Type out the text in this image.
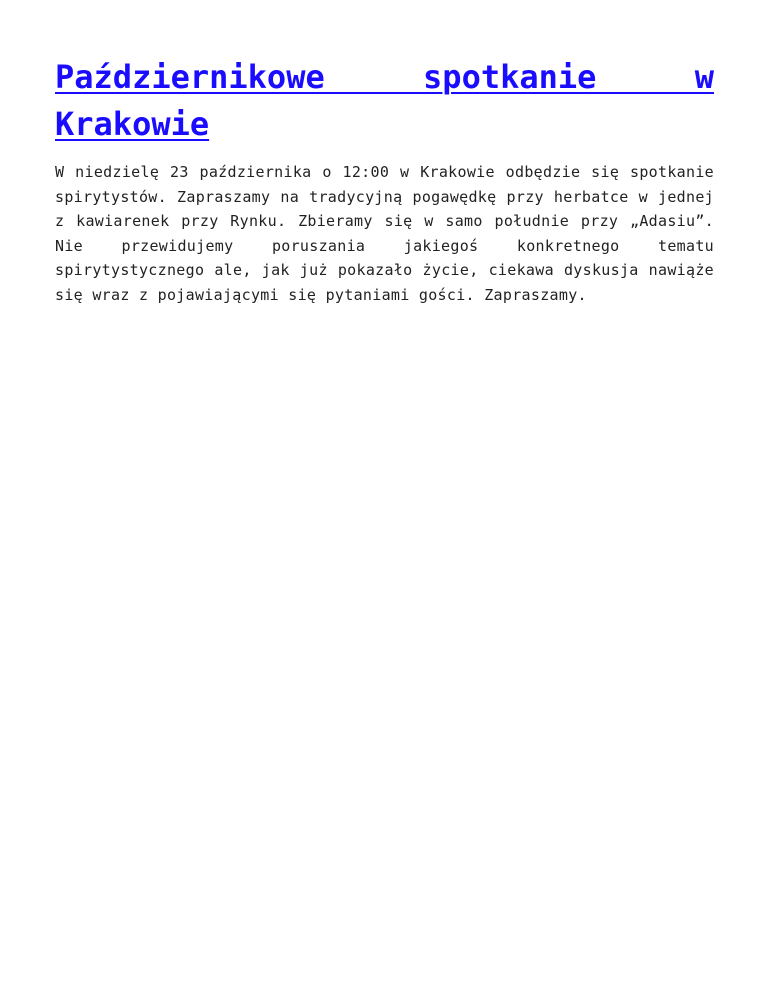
Październikowe spotkanie w Krakowie

W niedzielę 23 października o 12:00 w Krakowie odbędzie się spotkanie spirytystów. Zapraszamy na tradycyjną pogawędkę przy herbatce w jednej z kawiarenek przy Rynku. Zbieramy się w samo południe przy „Adasiu”. Nie przewidujemy poruszania jakiegoś konkretnego tematu spirytystycznego ale, jak już pokazało życie, ciekawa dyskusja nawiąże się wraz z pojawiającymi się pytaniami gości. Zapraszamy.
